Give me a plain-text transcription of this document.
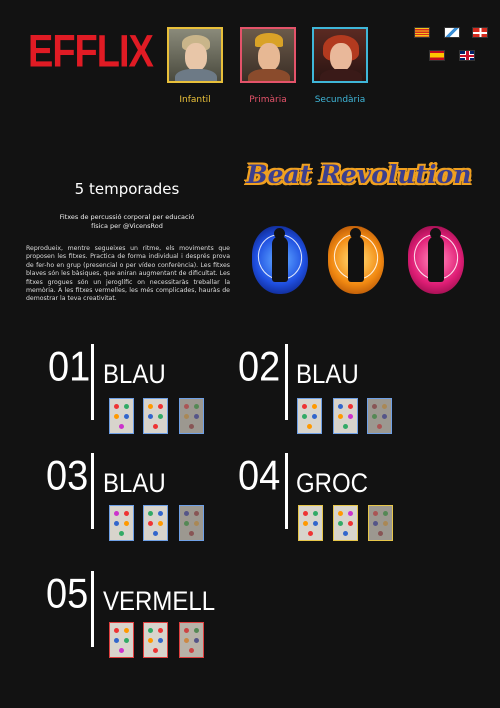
EFFLIX
Infantil	Primària	Secundària
5 temporades
Fitxes de percussió corporal per educació
física per @VicensRod
Reprodueix, mentre segueixes un ritme, els moviments que proposen les fitxes. Practica de forma individual i després prova de fer-ho en grup (presencial o per vídeo conferència). Les fitxes blaves són les bàsiques, que aniran augmentant de dificultat. Les fitxes grogues són un jeroglífic on necessitaràs treballar la memòria. A les fitxes vermelles, les més complicades, hauràs de demostrar la teva creativitat.
Beat Revolution
01 BLAU 02 BLAU
03 BLAU 04 GROC
05 VERMELL
